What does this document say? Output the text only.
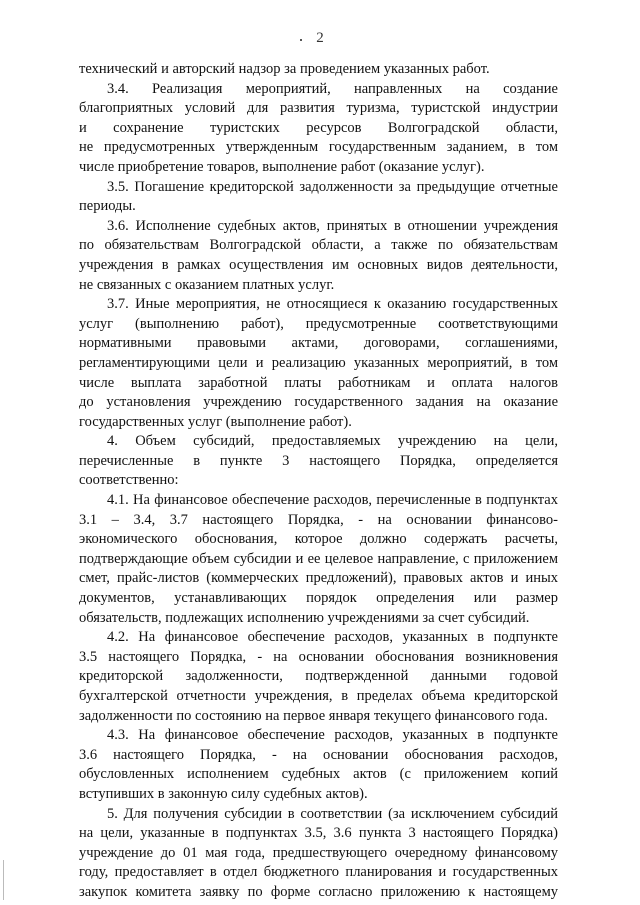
2
технический и авторский надзор за проведением указанных работ.
3.4. Реализация мероприятий, направленных на создание
благоприятных условий для развития туризма, туристской индустрии
и сохранение туристских ресурсов Волгоградской области,
не предусмотренных утвержденным государственным заданием, в том
числе приобретение товаров, выполнение работ (оказание услуг).
3.5. Погашение кредиторской задолженности за предыдущие отчетные
периоды.
3.6. Исполнение судебных актов, принятых в отношении учреждения
по обязательствам Волгоградской области, а также по обязательствам
учреждения в рамках осуществления им основных видов деятельности,
не связанных с оказанием платных услуг.
3.7. Иные мероприятия, не относящиеся к оказанию государственных
услуг (выполнению работ), предусмотренные соответствующими
нормативными правовыми актами, договорами, соглашениями,
регламентирующими цели и реализацию указанных мероприятий, в том
числе выплата заработной платы работникам и оплата налогов
до установления учреждению государственного задания на оказание
государственных услуг (выполнение работ).
4. Объем субсидий, предоставляемых учреждению на цели,
перечисленные в пункте 3 настоящего Порядка, определяется
соответственно:
4.1. На финансовое обеспечение расходов, перечисленные в подпунктах
3.1 – 3.4, 3.7 настоящего Порядка, - на основании финансово-
экономического обоснования, которое должно содержать расчеты,
подтверждающие объем субсидии и ее целевое направление, с приложением
смет, прайс-листов (коммерческих предложений), правовых актов и иных
документов, устанавливающих порядок определения или размер
обязательств, подлежащих исполнению учреждениями за счет субсидий.
4.2. На финансовое обеспечение расходов, указанных в подпункте
3.5 настоящего Порядка, - на основании обоснования возникновения
кредиторской задолженности, подтвержденной данными годовой
бухгалтерской отчетности учреждения, в пределах объема кредиторской
задолженности по состоянию на первое января текущего финансового года.
4.3. На финансовое обеспечение расходов, указанных в подпункте
3.6 настоящего Порядка, - на основании обоснования расходов,
обусловленных исполнением судебных актов (с приложением копий
вступивших в законную силу судебных актов).
5. Для получения субсидии в соответствии (за исключением субсидий
на цели, указанные в подпунктах 3.5, 3.6 пункта 3 настоящего Порядка)
учреждение до 01 мая года, предшествующего очередному финансовому
году, предоставляет в отдел бюджетного планирования и государственных
закупок комитета заявку по форме согласно приложению к настоящему
